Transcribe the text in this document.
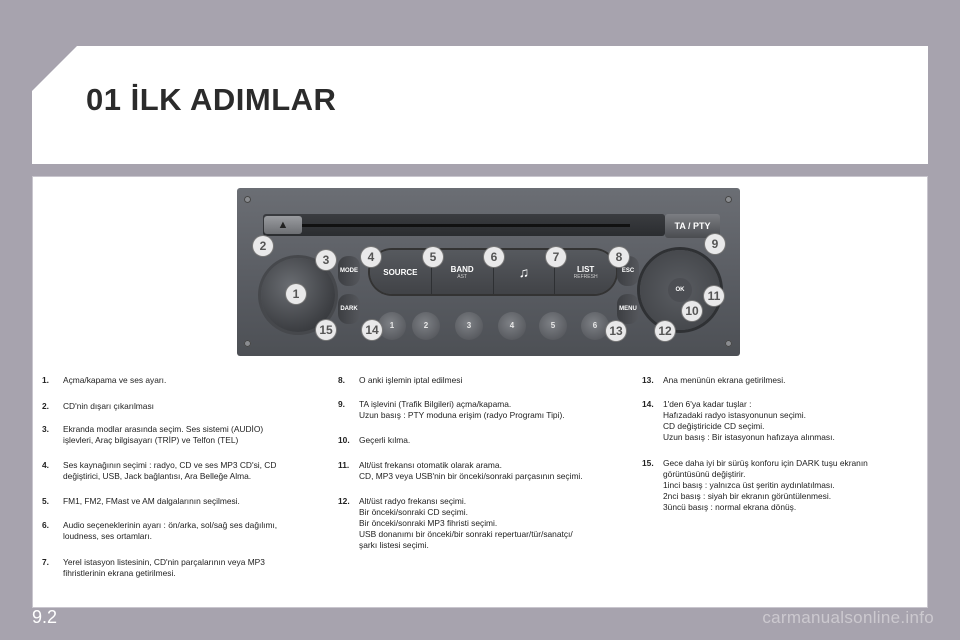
01 İLK ADIMLAR
▲	TA / PTY
MODE
DARK
SOURCE	BAND
AST	♫	LIST
REFRESH
ESC
MENU
1	2	3	4	5	6
OK
1
2
3	4	5	6	7	8
9
10
11
12
13
14
15
1. Açma/kapama ve ses ayarı.
2. CD'nin dışarı çıkarılması
3. Ekranda modlar arasında seçim. Ses sistemi (AUDİO)
işlevleri, Araç bilgisayarı (TRİP) ve Telfon (TEL)
4. Ses kaynağının seçimi : radyo, CD ve ses MP3 CD'si, CD
değiştirici, USB, Jack bağlantısı, Ara Belleğe Alma.
5. FM1, FM2, FMast ve AM dalgalarının seçilmesi.
6. Audio seçeneklerinin ayarı : ön/arka, sol/sağ ses dağılımı,
loudness, ses ortamları.
7. Yerel istasyon listesinin, CD'nin parçalarının veya MP3
fihristlerinin ekrana getirilmesi.
8. O anki işlemin iptal edilmesi
9. TA işlevini (Trafik Bilgileri) açma/kapama.
Uzun basış : PTY moduna erişim (radyo Programı Tipi).
10. Geçerli kılma.
11. Alt/üst frekansı otomatik olarak arama.
CD, MP3 veya USB'nin bir önceki/sonraki parçasının seçimi.
12. Alt/üst radyo frekansı seçimi.
Bir önceki/sonraki CD seçimi.
Bir önceki/sonraki MP3 fihristi seçimi.
USB donanımı bir önceki/bir sonraki repertuar/tür/sanatçı/
şarkı listesi seçimi.
13. Ana menünün ekrana getirilmesi.
14. 1'den 6'ya kadar tuşlar :
Hafızadaki radyo istasyonunun seçimi.
CD değiştiricide CD seçimi.
Uzun basış : Bir istasyonun hafızaya alınması.
15. Gece daha iyi bir sürüş konforu için DARK tuşu ekranın
görüntüsünü değiştirir.
1inci basış : yalnızca üst şeritin aydınlatılması.
2nci basış : siyah bir ekranın görüntülenmesi.
3üncü basış : normal ekrana dönüş.
9.2	carmanualsonline.info
